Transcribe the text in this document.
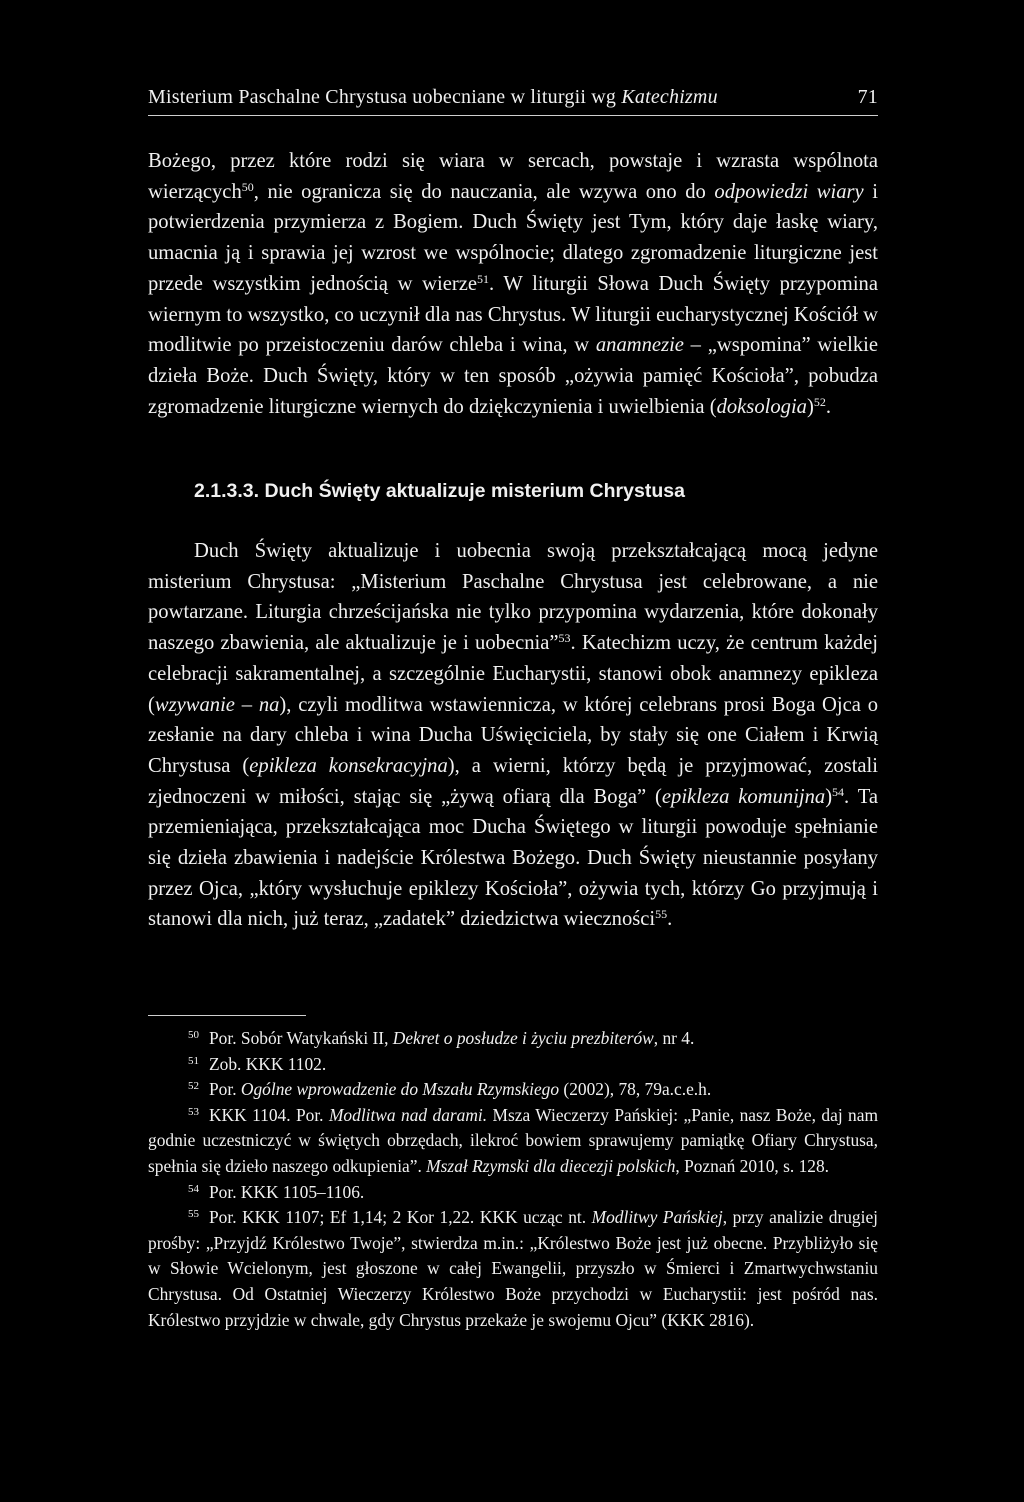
Misterium Paschalne Chrystusa uobecniane w liturgii wg Katechizmu	71

Bożego, przez które rodzi się wiara w sercach, powstaje i wzrasta wspólnota wierzących$^{50}$, nie ogranicza się do nauczania, ale wzywa ono do odpowiedzi wiary i potwierdzenia przymierza z Bogiem. Duch Święty jest Tym, który daje łaskę wiary, umacnia ją i sprawia jej wzrost we wspólnocie; dlatego zgromadzenie liturgiczne jest przede wszystkim jednością w wierze$^{51}$. W liturgii Słowa Duch Święty przypomina wiernym to wszystko, co uczynił dla nas Chrystus. W liturgii eucharystycznej Kościół w modlitwie po przeistoczeniu darów chleba i wina, w anamnezie – „wspomina” wielkie dzieła Boże. Duch Święty, który w ten sposób „ożywia pamięć Kościoła”, pobudza zgromadzenie liturgiczne wiernych do dziękczynienia i uwielbienia (doksologia)$^{52}$.

2.1.3.3. Duch Święty aktualizuje misterium Chrystusa

Duch Święty aktualizuje i uobecnia swoją przekształcającą mocą jedyne misterium Chrystusa: „Misterium Paschalne Chrystusa jest celebrowane, a nie powtarzane. Liturgia chrześcijańska nie tylko przypomina wydarzenia, które dokonały naszego zbawienia, ale aktualizuje je i uobecnia”$^{53}$. Katechizm uczy, że centrum każdej celebracji sakramentalnej, a szczególnie Eucharystii, stanowi obok anamnezy epikleza (wzywanie – na), czyli modlitwa wstawiennicza, w której celebrans prosi Boga Ojca o zesłanie na dary chleba i wina Ducha Uświęciciela, by stały się one Ciałem i Krwią Chrystusa (epikleza konsekracyjna), a wierni, którzy będą je przyjmować, zostali zjednoczeni w miłości, stając się „żywą ofiarą dla Boga” (epikleza komunijna)$^{54}$. Ta przemieniająca, przekształcająca moc Ducha Świętego w liturgii powoduje spełnianie się dzieła zbawienia i nadejście Królestwa Bożego. Duch Święty nieustannie posyłany przez Ojca, „który wysłuchuje epiklezy Kościoła”, ożywia tych, którzy Go przyjmują i stanowi dla nich, już teraz, „zadatek” dziedzictwa wieczności$^{55}$.

$^{50}$ Por. Sobór Watykański II, Dekret o posłudze i życiu prezbiterów, nr 4.

$^{51}$ Zob. KKK 1102.

$^{52}$ Por. Ogólne wprowadzenie do Mszału Rzymskiego (2002), 78, 79a.c.e.h.

$^{53}$ KKK 1104. Por. Modlitwa nad darami. Msza Wieczerzy Pańskiej: „Panie, nasz Boże, daj nam godnie uczestniczyć w świętych obrzędach, ilekroć bowiem sprawujemy pamiątkę Ofiary Chrystusa, spełnia się dzieło naszego odkupienia”. Mszał Rzymski dla diecezji polskich, Poznań 2010, s. 128.

$^{54}$ Por. KKK 1105–1106.

$^{55}$ Por. KKK 1107; Ef 1,14; 2 Kor 1,22. KKK ucząc nt. Modlitwy Pańskiej, przy analizie drugiej prośby: „Przyjdź Królestwo Twoje”, stwierdza m.in.: „Królestwo Boże jest już obecne. Przybliżyło się w Słowie Wcielonym, jest głoszone w całej Ewangelii, przyszło w Śmierci i Zmartwychwstaniu Chrystusa. Od Ostatniej Wieczerzy Królestwo Boże przychodzi w Eucharystii: jest pośród nas. Królestwo przyjdzie w chwale, gdy Chrystus przekaże je swojemu Ojcu” (KKK 2816).
